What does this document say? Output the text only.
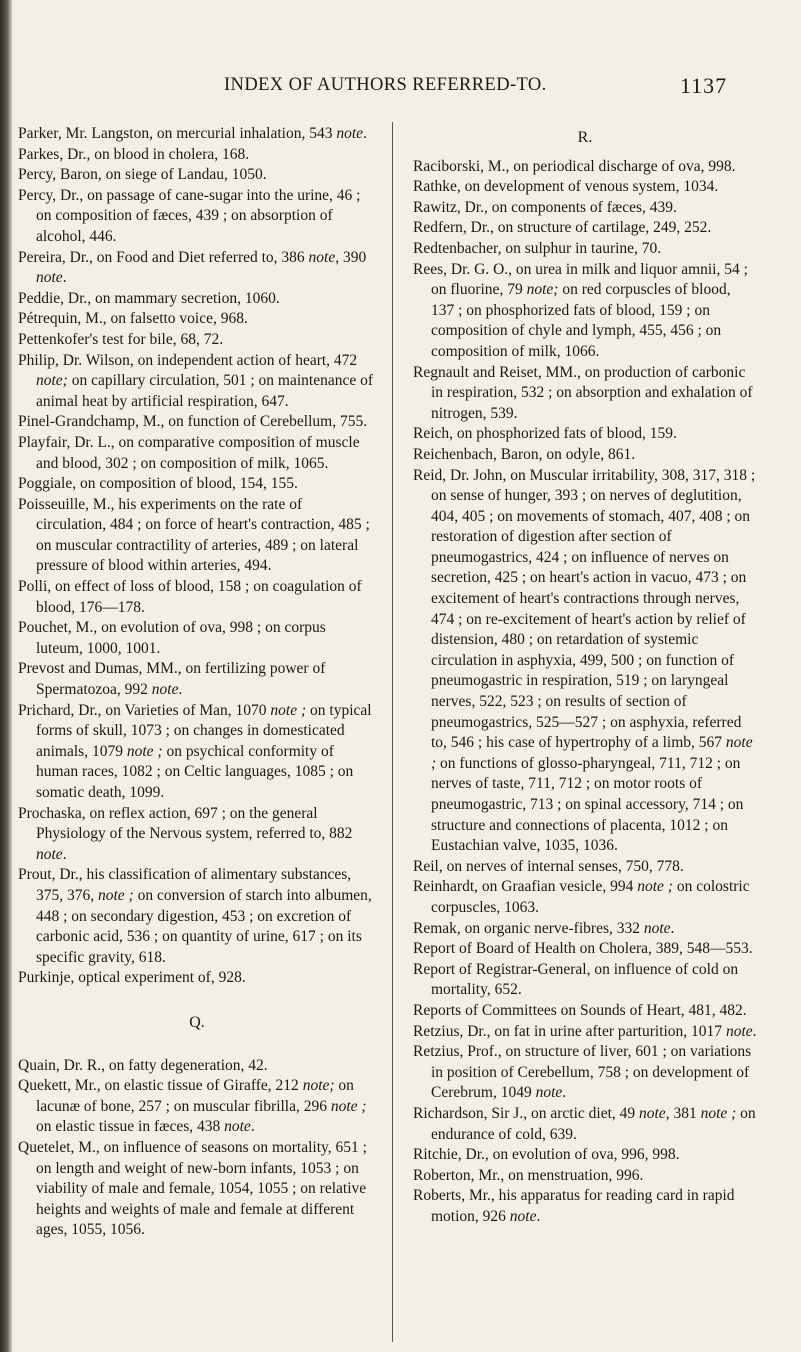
INDEX OF AUTHORS REFERRED-TO.	1137

Parker, Mr. Langston, on mercurial inhalation, 543 note.

Parkes, Dr., on blood in cholera, 168.

Percy, Baron, on siege of Landau, 1050.

Percy, Dr., on passage of cane-sugar into the urine, 46 ; on composition of fæces, 439 ; on absorption of alcohol, 446.

Pereira, Dr., on Food and Diet referred to, 386 note, 390 note.

Peddie, Dr., on mammary secretion, 1060.

Pétrequin, M., on falsetto voice, 968.

Pettenkofer's test for bile, 68, 72.

Philip, Dr. Wilson, on independent action of heart, 472 note; on capillary circulation, 501 ; on maintenance of animal heat by artificial respiration, 647.

Pinel-Grandchamp, M., on function of Cerebellum, 755.

Playfair, Dr. L., on comparative composition of muscle and blood, 302 ; on composition of milk, 1065.

Poggiale, on composition of blood, 154, 155.

Poisseuille, M., his experiments on the rate of circulation, 484 ; on force of heart's contraction, 485 ; on muscular contractility of arteries, 489 ; on lateral pressure of blood within arteries, 494.

Polli, on effect of loss of blood, 158 ; on coagulation of blood, 176—178.

Pouchet, M., on evolution of ova, 998 ; on corpus luteum, 1000, 1001.

Prevost and Dumas, MM., on fertilizing power of Spermatozoa, 992 note.

Prichard, Dr., on Varieties of Man, 1070 note ; on typical forms of skull, 1073 ; on changes in domesticated animals, 1079 note ; on psychical conformity of human races, 1082 ; on Celtic languages, 1085 ; on somatic death, 1099.

Prochaska, on reflex action, 697 ; on the general Physiology of the Nervous system, referred to, 882 note.

Prout, Dr., his classification of alimentary substances, 375, 376, note ; on conversion of starch into albumen, 448 ; on secondary digestion, 453 ; on excretion of carbonic acid, 536 ; on quantity of urine, 617 ; on its specific gravity, 618.

Purkinje, optical experiment of, 928.

Q.

Quain, Dr. R., on fatty degeneration, 42.

Quekett, Mr., on elastic tissue of Giraffe, 212 note; on lacunæ of bone, 257 ; on muscular fibrilla, 296 note ; on elastic tissue in fæces, 438 note.

Quetelet, M., on influence of seasons on mortality, 651 ; on length and weight of new-born infants, 1053 ; on viability of male and female, 1054, 1055 ; on relative heights and weights of male and female at different ages, 1055, 1056.

R.

Raciborski, M., on periodical discharge of ova, 998.

Rathke, on development of venous system, 1034.

Rawitz, Dr., on components of fæces, 439.

Redfern, Dr., on structure of cartilage, 249, 252.

Redtenbacher, on sulphur in taurine, 70.

Rees, Dr. G. O., on urea in milk and liquor amnii, 54 ; on fluorine, 79 note; on red corpuscles of blood, 137 ; on phosphorized fats of blood, 159 ; on composition of chyle and lymph, 455, 456 ; on composition of milk, 1066.

Regnault and Reiset, MM., on production of carbonic in respiration, 532 ; on absorption and exhalation of nitrogen, 539.

Reich, on phosphorized fats of blood, 159.

Reichenbach, Baron, on odyle, 861.

Reid, Dr. John, on Muscular irritability, 308, 317, 318 ; on sense of hunger, 393 ; on nerves of deglutition, 404, 405 ; on movements of stomach, 407, 408 ; on restoration of digestion after section of pneumogastrics, 424 ; on influence of nerves on secretion, 425 ; on heart's action in vacuo, 473 ; on excitement of heart's contractions through nerves, 474 ; on re-excitement of heart's action by relief of distension, 480 ; on retardation of systemic circulation in asphyxia, 499, 500 ; on function of pneumogastric in respiration, 519 ; on laryngeal nerves, 522, 523 ; on results of section of pneumogastrics, 525—527 ; on asphyxia, referred to, 546 ; his case of hypertrophy of a limb, 567 note ; on functions of glosso-pharyngeal, 711, 712 ; on nerves of taste, 711, 712 ; on motor roots of pneumogastric, 713 ; on spinal accessory, 714 ; on structure and connections of placenta, 1012 ; on Eustachian valve, 1035, 1036.

Reil, on nerves of internal senses, 750, 778.

Reinhardt, on Graafian vesicle, 994 note ; on colostric corpuscles, 1063.

Remak, on organic nerve-fibres, 332 note.

Report of Board of Health on Cholera, 389, 548—553.

Report of Registrar-General, on influence of cold on mortality, 652.

Reports of Committees on Sounds of Heart, 481, 482.

Retzius, Dr., on fat in urine after parturition, 1017 note.

Retzius, Prof., on structure of liver, 601 ; on variations in position of Cerebellum, 758 ; on development of Cerebrum, 1049 note.

Richardson, Sir J., on arctic diet, 49 note, 381 note ; on endurance of cold, 639.

Ritchie, Dr., on evolution of ova, 996, 998.

Roberton, Mr., on menstruation, 996.

Roberts, Mr., his apparatus for reading card in rapid motion, 926 note.
